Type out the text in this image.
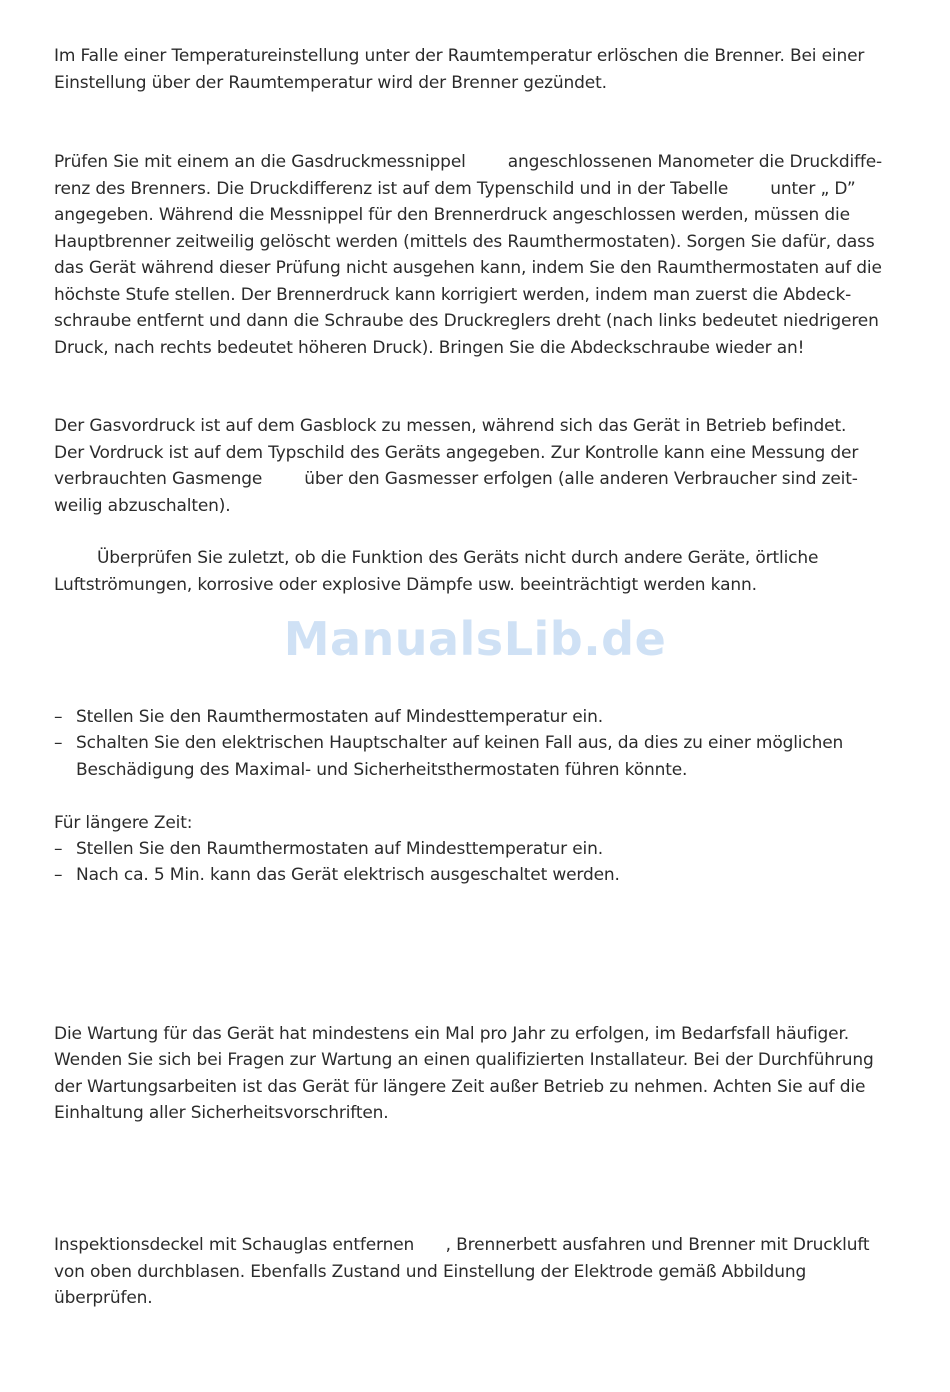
Im Falle einer Temperatureinstellung unter der Raumtemperatur erlöschen die Brenner. Bei einer
Einstellung über der Raumtemperatur wird der Brenner gezündet.
Prüfen Sie mit einem an die Gasdruckmessnippel        angeschlossenen Manometer die Druckdiffe-
renz des Brenners. Die Druckdifferenz ist auf dem Typenschild und in der Tabelle        unter „ D”
angegeben. Während die Messnippel für den Brennerdruck angeschlossen werden, müssen die
Hauptbrenner zeitweilig gelöscht werden (mittels des Raumthermostaten). Sorgen Sie dafür, dass
das Gerät während dieser Prüfung nicht ausgehen kann, indem Sie den Raumthermostaten auf die
höchste Stufe stellen. Der Brennerdruck kann korrigiert werden, indem man zuerst die Abdeck-
schraube entfernt und dann die Schraube des Druckreglers dreht (nach links bedeutet niedrigeren
Druck, nach rechts bedeutet höheren Druck). Bringen Sie die Abdeckschraube wieder an!
Der Gasvordruck ist auf dem Gasblock zu messen, während sich das Gerät in Betrieb befindet.
Der Vordruck ist auf dem Typschild des Geräts angegeben. Zur Kontrolle kann eine Messung der
verbrauchten Gasmenge        über den Gasmesser erfolgen (alle anderen Verbraucher sind zeit-
weilig abzuschalten).
Überprüfen Sie zuletzt, ob die Funktion des Geräts nicht durch andere Geräte, örtliche
Luftströmungen, korrosive oder explosive Dämpfe usw. beeinträchtigt werden kann.
ManualsLib.de
– Stellen Sie den Raumthermostaten auf Mindesttemperatur ein.
– Schalten Sie den elektrischen Hauptschalter auf keinen Fall aus, da dies zu einer möglichen
Beschädigung des Maximal- und Sicherheitsthermostaten führen könnte.
Für längere Zeit:
– Stellen Sie den Raumthermostaten auf Mindesttemperatur ein.
– Nach ca. 5 Min. kann das Gerät elektrisch ausgeschaltet werden.
Die Wartung für das Gerät hat mindestens ein Mal pro Jahr zu erfolgen, im Bedarfsfall häufiger.
Wenden Sie sich bei Fragen zur Wartung an einen qualifizierten Installateur. Bei der Durchführung
der Wartungsarbeiten ist das Gerät für längere Zeit außer Betrieb zu nehmen. Achten Sie auf die
Einhaltung aller Sicherheitsvorschriften.
Inspektionsdeckel mit Schauglas entfernen      , Brennerbett ausfahren und Brenner mit Druckluft
von oben durchblasen. Ebenfalls Zustand und Einstellung der Elektrode gemäß Abbildung
überprüfen.
